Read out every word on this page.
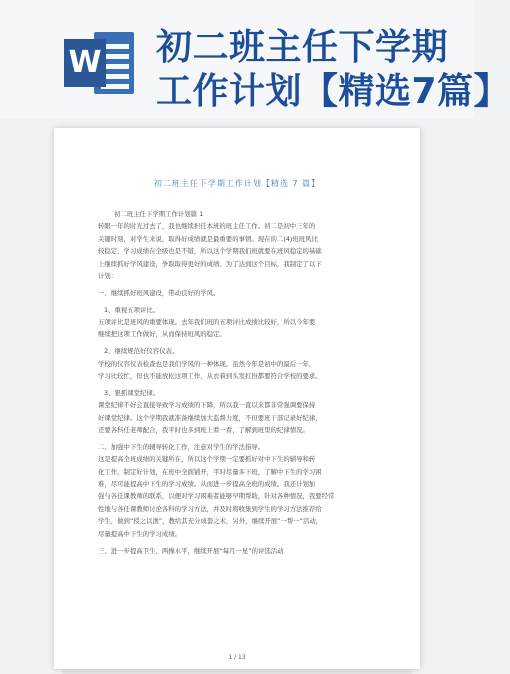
W 初二班主任下学期
工作计划【精选7篇】
初二班主任下学期工作计划【精选 7 篇】

初二班主任下学期工作计划篇 1

转眼一年的时光过去了，我也继续担任本班的班主任工作。初二是初中三年的

关键时刻，对学生来说，取得好成绩就是最重要的事情。现在的二(4)班班风比

较稳定，学习成绩在全级也是不错，所以这个学期我们班就要在班风稳定的基础

上继续抓好学风建设，争取取得更好的成绩。为了达到这个目标，我制定了以下

计划：

一、继续抓好班风建设，带动良好的学风。

1、重视五项评比。

五项评比是班风的重要体现。去年我们班的五项评比成绩比较好，所以今年要

继续把这项工作做好，从而保持班风的稳定。

2、继续规范好仪容仪表。

学校的仪容仪表检查也是我们学风的一种体现。虽然今年是初中的最后一年，

学习比较忙，但也不能放松这项工作，从衣着到头发打扮都要符合学校的要求。

3、狠抓课堂纪律。

课堂纪律不好会直接导致学习成绩的下降，所以我一直以来都非常强调要保持

好课堂纪律。这个学期我就准备继续加大监督力度，不但要班干部记录好纪律，

还要各科任老师配合，我平时也多到班上看一看，了解到班里的纪律情况。

二、加强中下生的辅导转化工作，注意对学生的学法指导。

这是提高全班成绩的关键所在，所以这个学期一定要抓好对中下生的辅导和转

化工作，制定好计划，在班中全面铺开，平时尽量多下班，了解中下生的学习困

难，尽可能提高中下生的学习成绩。从而进一步提高全班的成绩。我还计划加

强与各任课教师的联系，以便对学习困难者能够早期帮助，针对各种情况，我要经常

性地与各任课教师讨论各科的学习方法，并及时将收集到学生的学习方法推荐给

学生，做到“授之以渔”，教给其充分成套之术，另外，继续开展“一帮一”活动，

尽量提高中下生的学习成绩。

三、进一步提高卫生、两操水平，继续开展“每月一星”的评选活动

1 / 13
